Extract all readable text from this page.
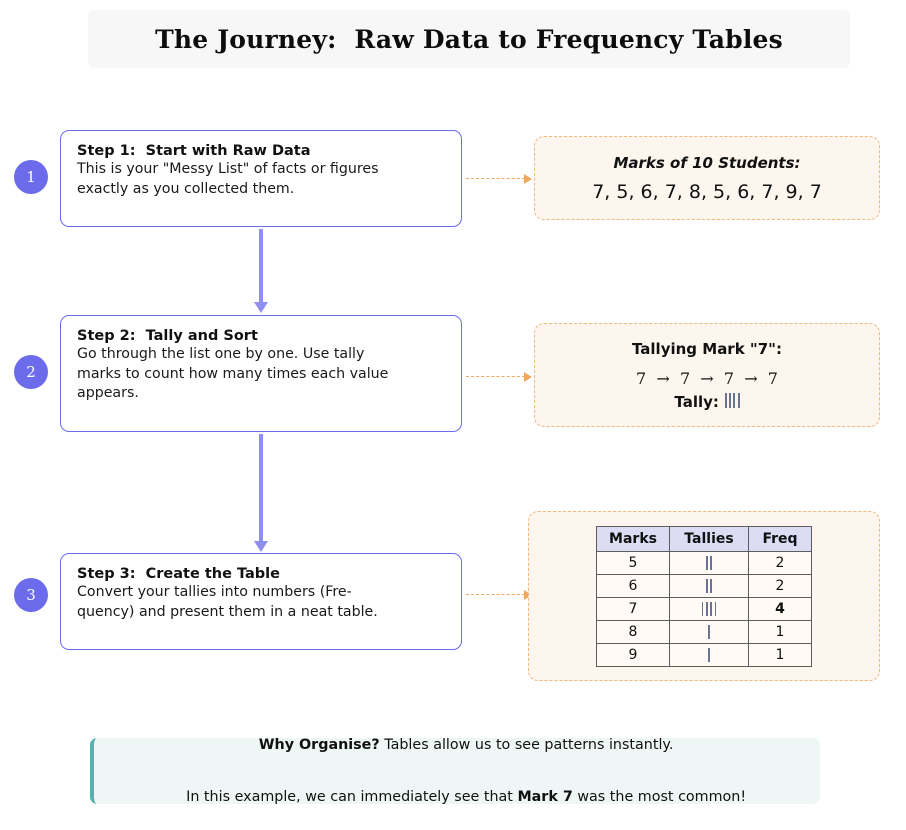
The Journey:  Raw Data to Frequency Tables
1
Step 1:  Start with Raw Data
This is your "Messy List" of facts or figures
exactly as you collected them.
Marks of 10 Students:
7, 5, 6, 7, 8, 5, 6, 7, 9, 7
2
Step 2:  Tally and Sort
Go through the list one by one. Use tally
marks to count how many times each value
appears.
Tallying Mark "7":
7  →  7  →  7  →  7
Tally:
3
Step 3:  Create the Table
Convert your tallies into numbers (Fre-
quency) and present them in a neat table.
Marks	Tallies	Freq
5		2
6		2
7		4
8		1
9		1

Why Organise? Tables allow us to see patterns instantly.

In this example, we can immediately see that Mark 7 was the most common!
